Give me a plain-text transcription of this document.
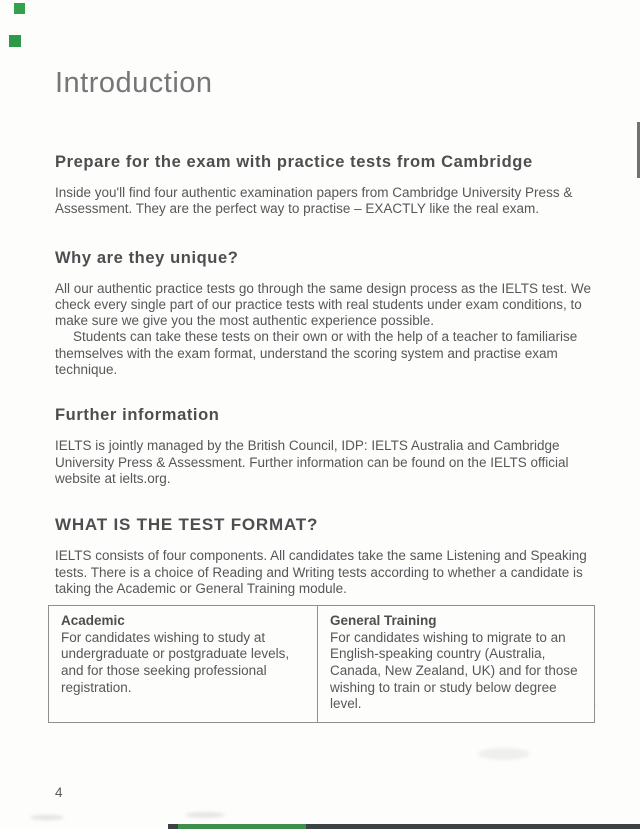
Introduction
Prepare for the exam with practice tests from Cambridge

Inside you'll find four authentic examination papers from Cambridge University Press & Assessment. They are the perfect way to practise – EXACTLY like the real exam.

Why are they unique?

All our authentic practice tests go through the same design process as the IELTS test. We check every single part of our practice tests with real students under exam conditions, to make sure we give you the most authentic experience possible.

Students can take these tests on their own or with the help of a teacher to familiarise themselves with the exam format, understand the scoring system and practise exam technique.

Further information

IELTS is jointly managed by the British Council, IDP: IELTS Australia and Cambridge University Press & Assessment. Further information can be found on the IELTS official website at ielts.org.

WHAT IS THE TEST FORMAT?

IELTS consists of four components. All candidates take the same Listening and Speaking tests. There is a choice of Reading and Writing tests according to whether a candidate is taking the Academic or General Training module.

Academic
For candidates wishing to study at undergraduate or postgraduate levels, and for those seeking professional registration.
General Training
For candidates wishing to migrate to an English-speaking country (Australia, Canada, New Zealand, UK) and for those wishing to train or study below degree level.
4
